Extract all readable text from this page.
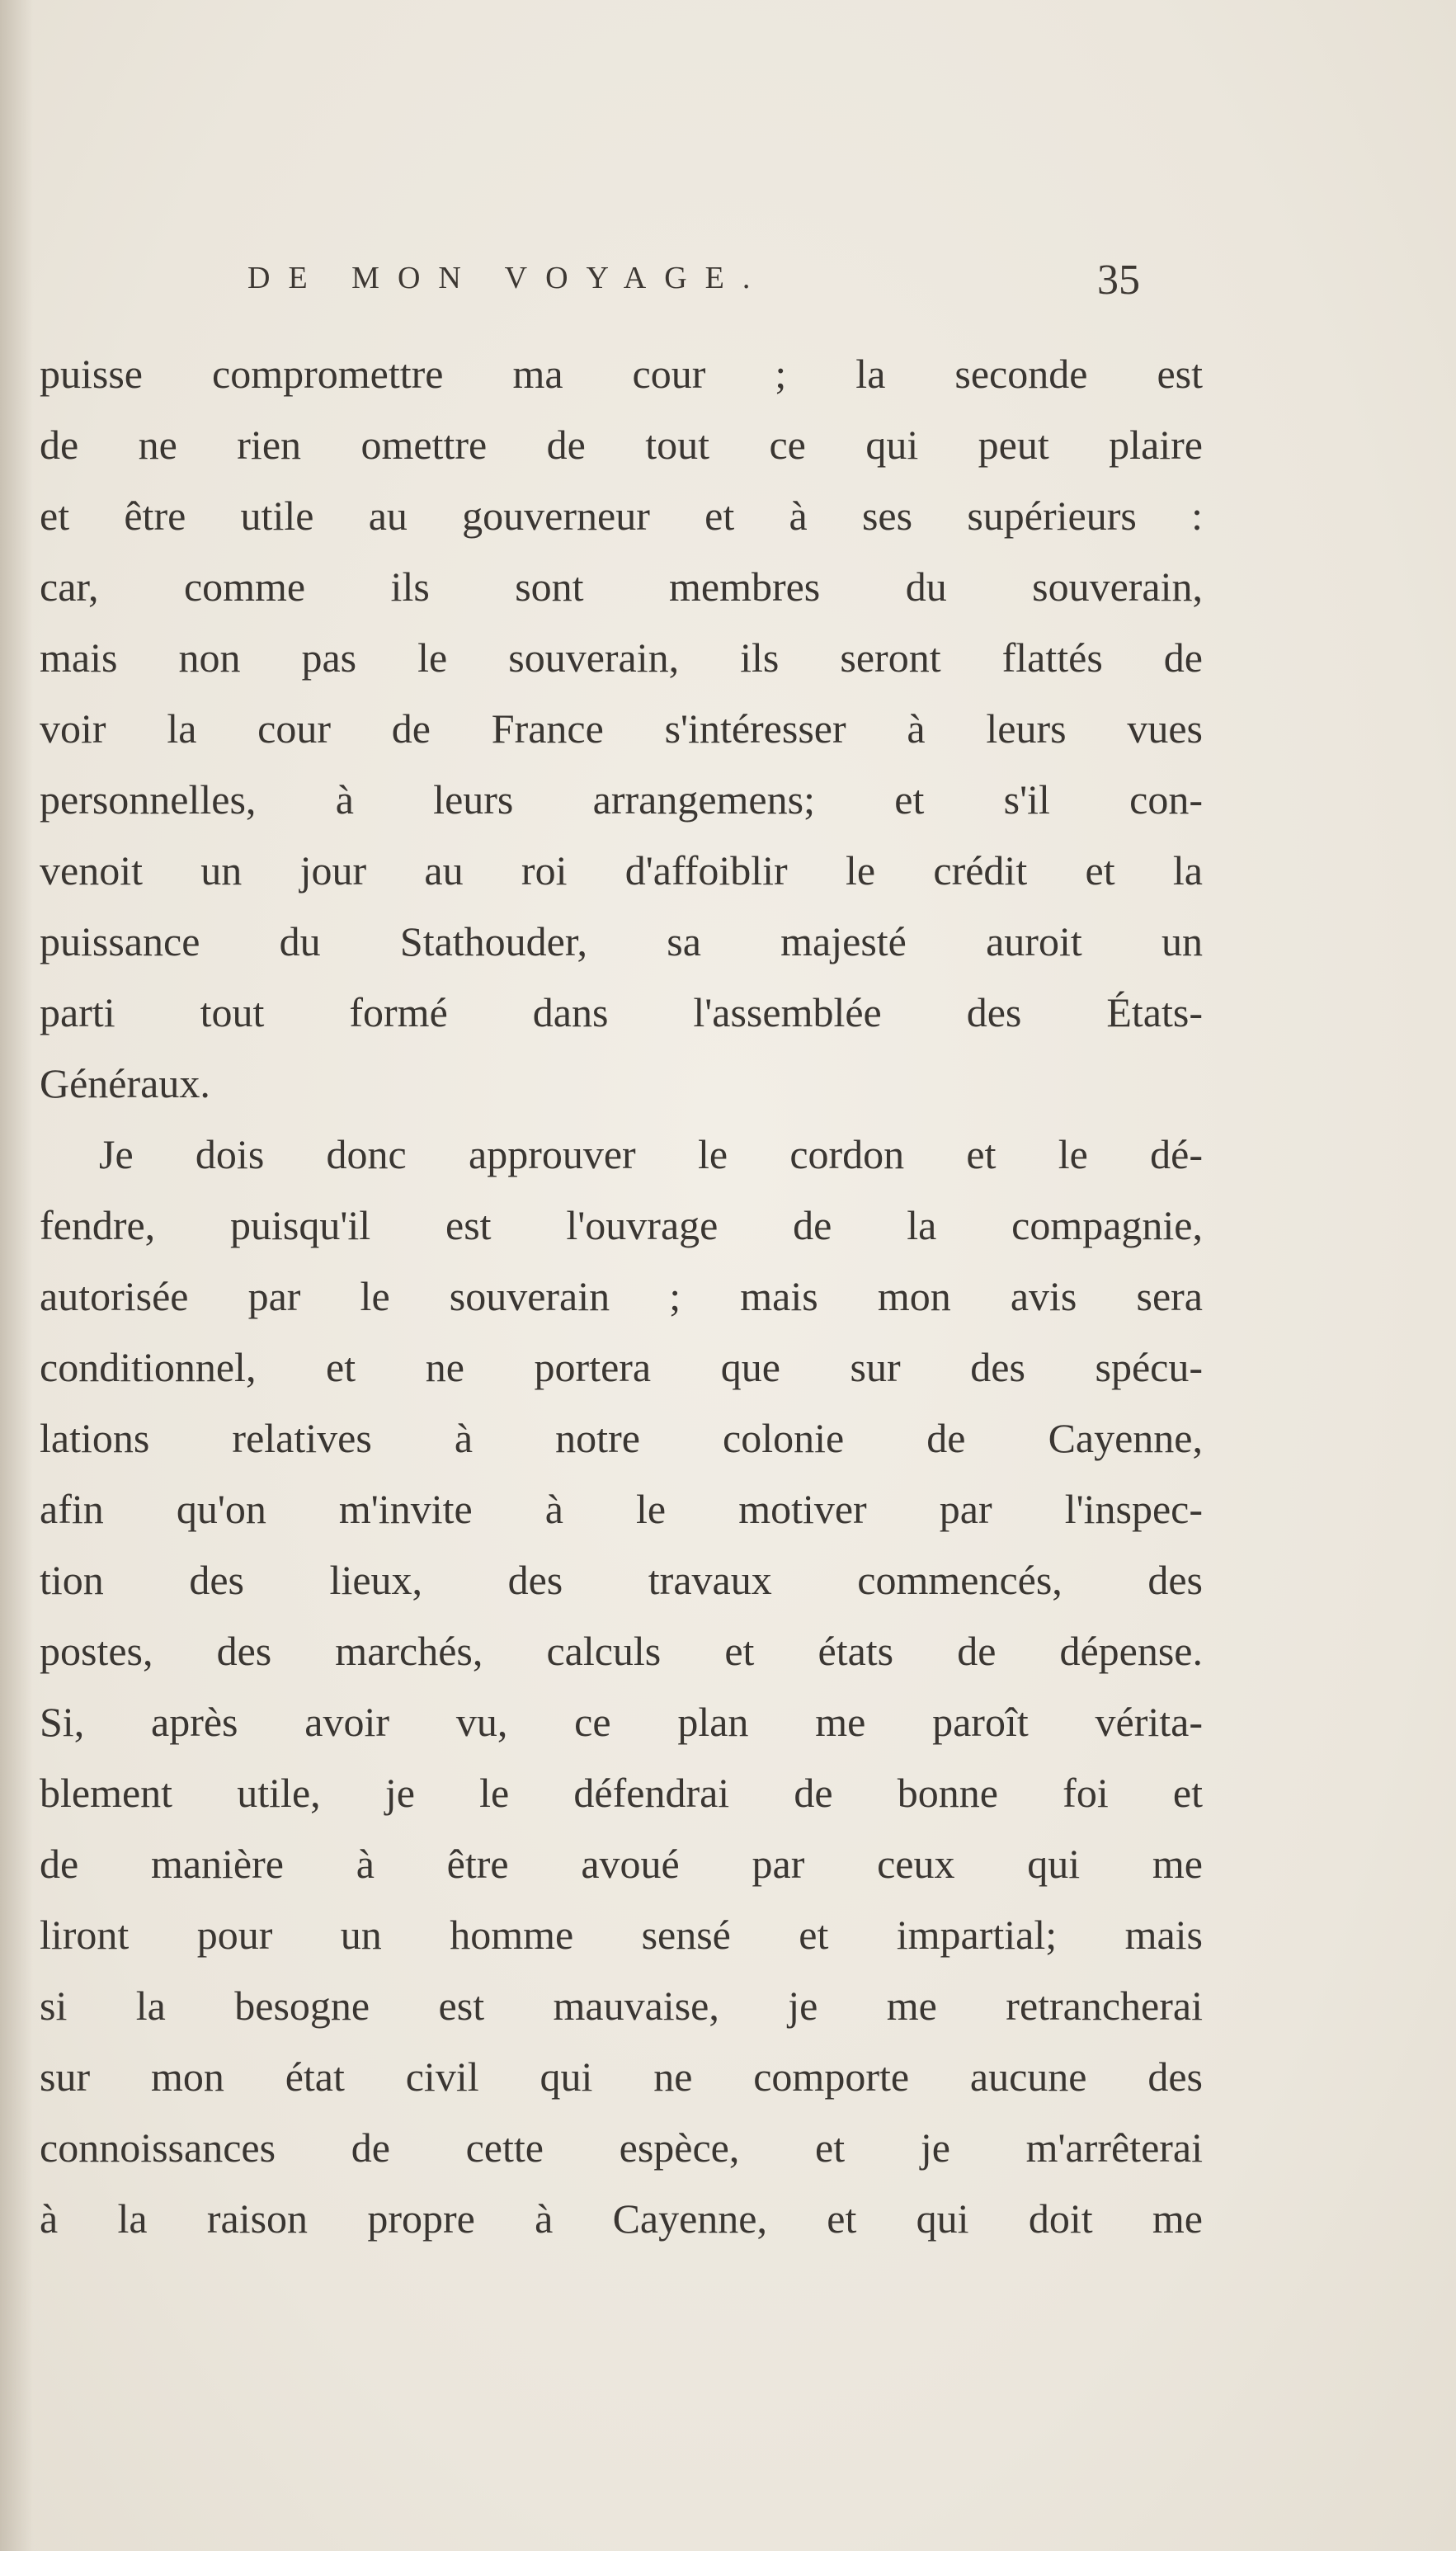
DE MON VOYAGE.	35
puisse compromettre ma cour ; la seconde est
de ne rien omettre de tout ce qui peut plaire
et être utile au gouverneur et à ses supérieurs :
car, comme ils sont membres du souverain,
mais non pas le souverain, ils seront flattés de
voir la cour de France s'intéresser à leurs vues
personnelles, à leurs arrangemens; et s'il con-
venoit un jour au roi d'affoiblir le crédit et la
puissance du Stathouder, sa majesté auroit un
parti tout formé dans l'assemblée des États-
Généraux.
Je dois donc approuver le cordon et le dé-
fendre, puisqu'il est l'ouvrage de la compagnie,
autorisée par le souverain ; mais mon avis sera
conditionnel, et ne portera que sur des spécu-
lations relatives à notre colonie de Cayenne,
afin qu'on m'invite à le motiver par l'inspec-
tion des lieux, des travaux commencés, des
postes, des marchés, calculs et états de dépense.
Si, après avoir vu, ce plan me paroît vérita-
blement utile, je le défendrai de bonne foi et
de manière à être avoué par ceux qui me
liront pour un homme sensé et impartial; mais
si la besogne est mauvaise, je me retrancherai
sur mon état civil qui ne comporte aucune des
connoissances de cette espèce, et je m'arrêterai
à la raison propre à Cayenne, et qui doit me
